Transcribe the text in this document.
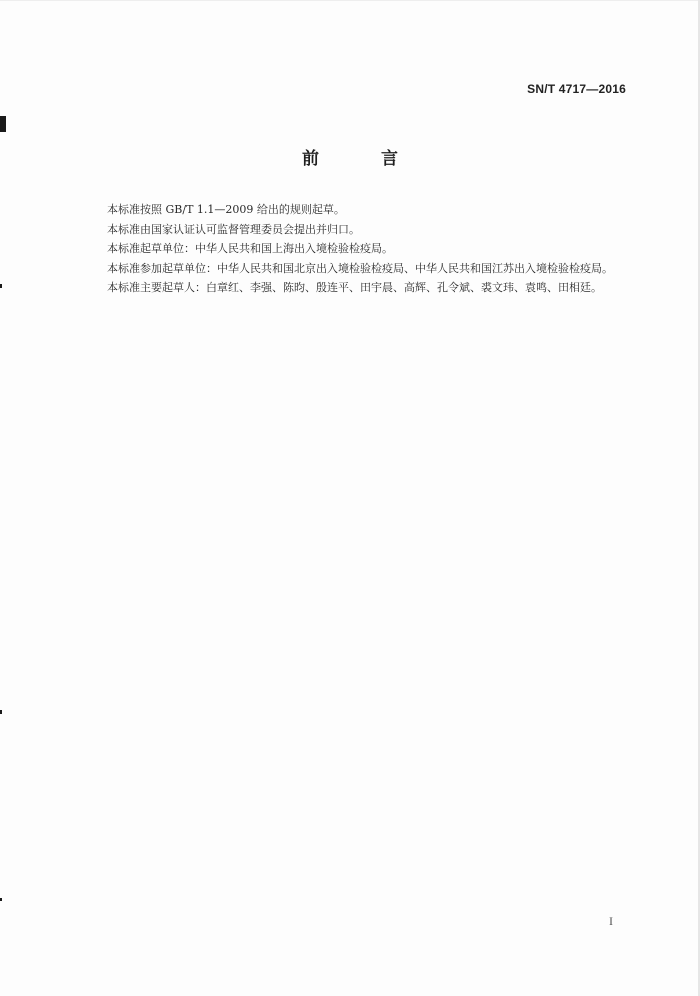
SN/T 4717—2016
前 言

本标准按照 GB/T 1.1—2009 给出的规则起草。

本标准由国家认证认可监督管理委员会提出并归口。

本标准起草单位：中华人民共和国上海出入境检验检疫局。

本标准参加起草单位：中华人民共和国北京出入境检验检疫局、中华人民共和国江苏出入境检验检疫局。

本标准主要起草人：白章红、李强、陈昀、殷连平、田宇晨、高辉、孔令斌、裘文玮、袁鸣、田相廷。

I
